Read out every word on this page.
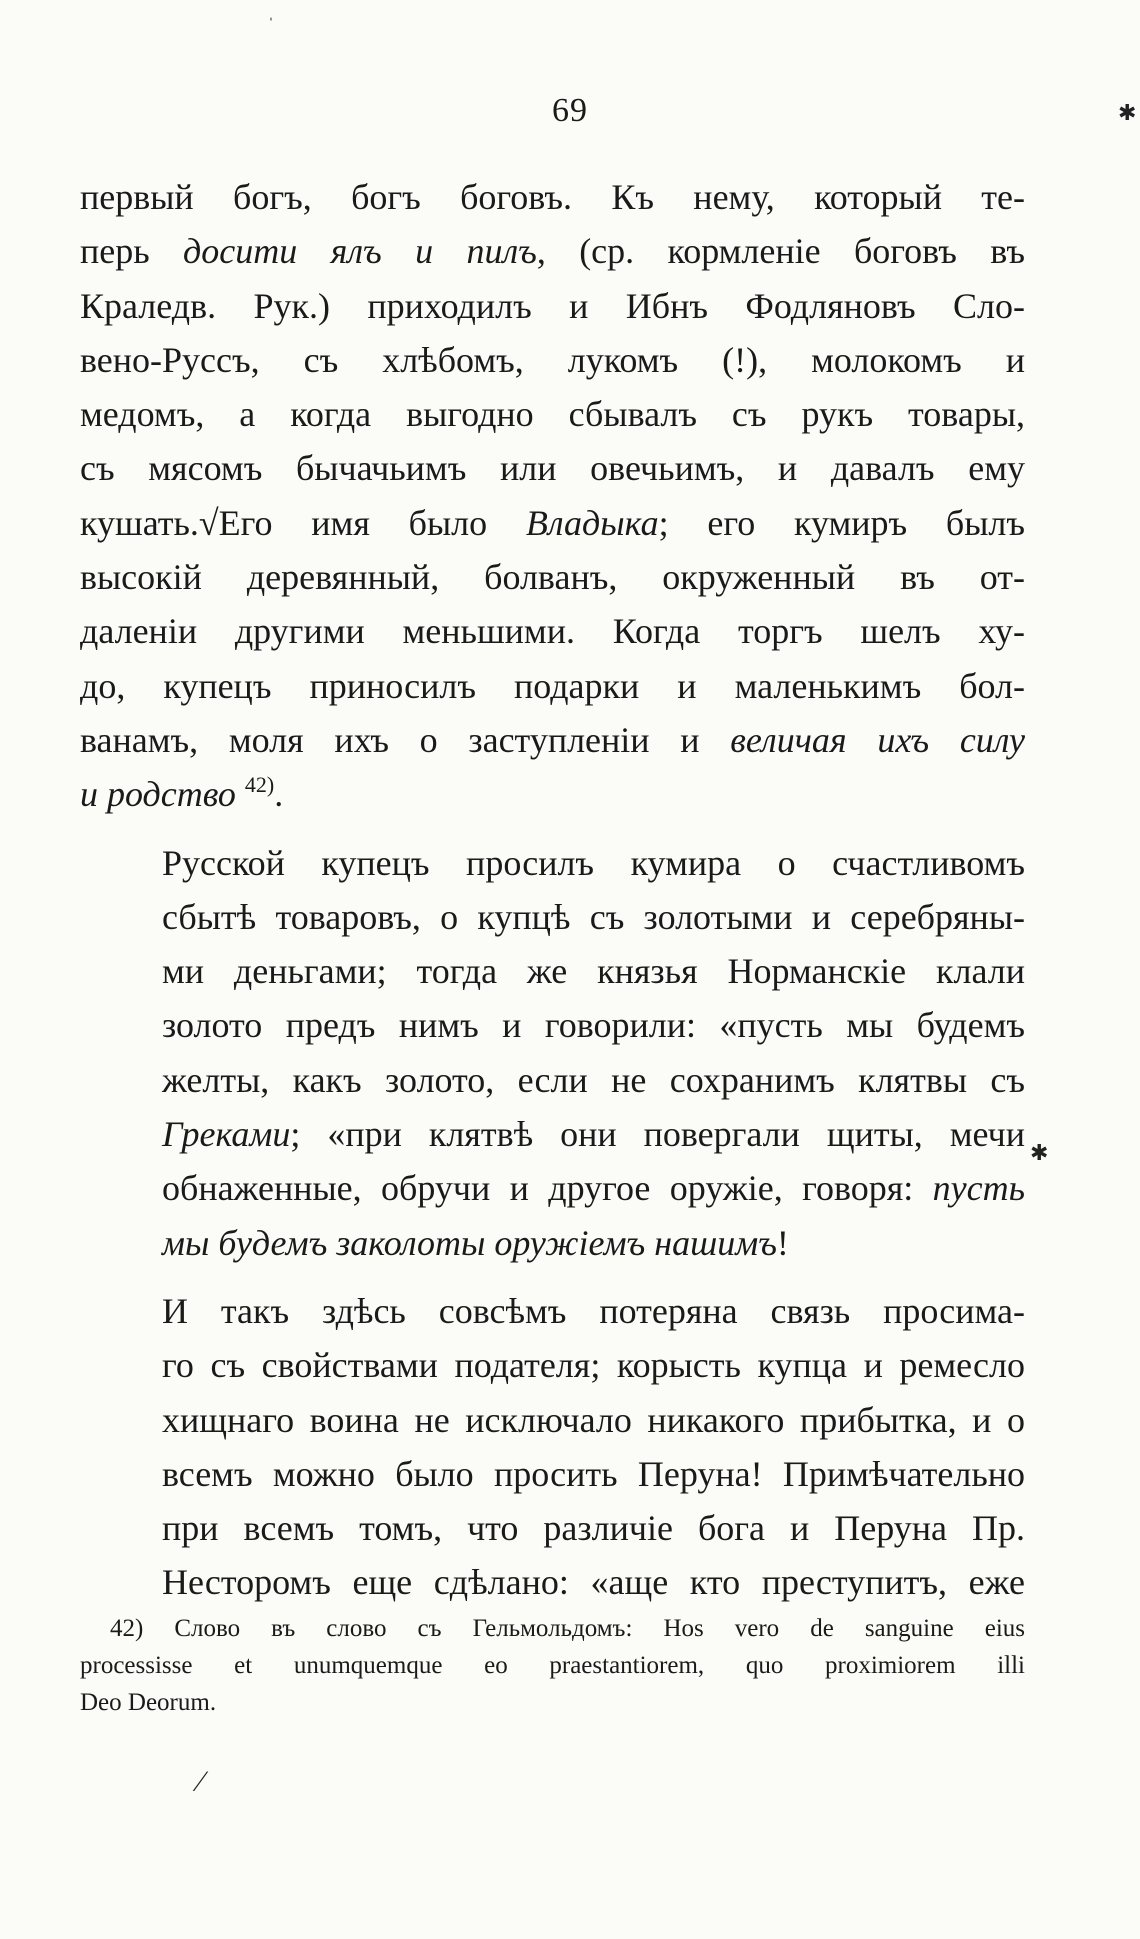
69

первый богъ, богъ боговъ. Къ нему, который те-
перь досити ялъ и пилъ, (ср. кормленіе боговъ въ
Краледв. Рук.) приходилъ и Ибнъ Фодляновъ Сло-
вено-Руссъ, съ хлѣбомъ, лукомъ (!), молокомъ и
медомъ, а когда выгодно сбывалъ съ рукъ товары,
съ мясомъ бычачьимъ или овечьимъ, и давалъ ему
кушать.√Его имя было Владыка; его кумиръ былъ
высокій деревянный, болванъ, окруженный въ от-
даленіи другими меньшими. Когда торгъ шелъ ху-
до, купецъ приносилъ подарки и маленькимъ бол-
ванамъ, моля ихъ о заступленіи и величая ихъ силу
и родство $^{42)}$.

Русской купецъ просилъ кумира о счастливомъ
сбытѣ товаровъ, о купцѣ съ золотыми и серебряны-
ми деньгами; тогда же князья Норманскіе клали
золото предъ нимъ и говорили: «пусть мы будемъ
желты, какъ золото, если не сохранимъ клятвы съ
Греками; «при клятвѣ они повергали щиты, мечи
обнаженные, обручи и другое оружіе, говоря: пусть
мы будемъ заколоты оружіемъ нашимъ!

И такъ здѣсь совсѣмъ потеряна связь просима-
го съ свойствами подателя; корысть купца и ремесло
хищнаго воина не исключало никакого прибытка, и о
всемъ можно было просить Перуна! Примѣчательно
при всемъ томъ, что различіе бога и Перуна Пр.
Несторомъ еще сдѣлано: «аще кто преступитъ, еже

42) Слово въ слово съ Гельмольдомъ: Hos vero de sanguine eius
processisse et unumquemque eo praestantiorem, quo proximiorem illi
Deo Deorum.
ˈ
✱
✱
⁄
